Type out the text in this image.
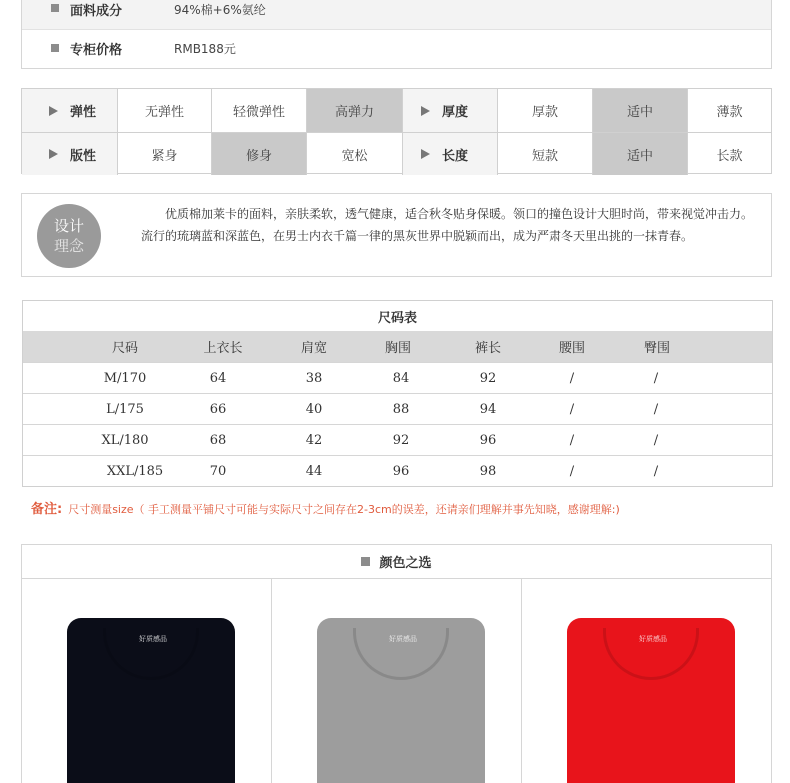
面料成分	94%棉+6%氨纶
专柜价格	RMB188元
弹性	无弹性	轻微弹性	高弹力	厚度	厚款	适中	薄款
版性	紧身	修身	宽松	长度	短款	适中	长款
设计
理念

优质棉加莱卡的面料，亲肤柔软，透气健康，适合秋冬贴身保暖。领口的撞色设计大胆时尚，带来视觉冲击力。流行的琉璃蓝和深蓝色，在男士内衣千篇一律的黑灰世界中脱颖而出，成为严肃冬天里出挑的一抹青春。

尺码表
尺码	上衣长	肩宽	胸围	裤长	腰围	臀围
M/170	64	38	84	92	/	/
L/175	66	40	88	94	/	/
XL/180	68	42	92	96	/	/
XXL/185	70	44	96	98	/	/
备注: 尺寸测量size（ 手工测量平铺尺寸可能与实际尺寸之间存在2-3cm的误差，还请亲们理解并事先知晓，感谢理解:)
颜色之选
好质感品	好质感品	好质感品
